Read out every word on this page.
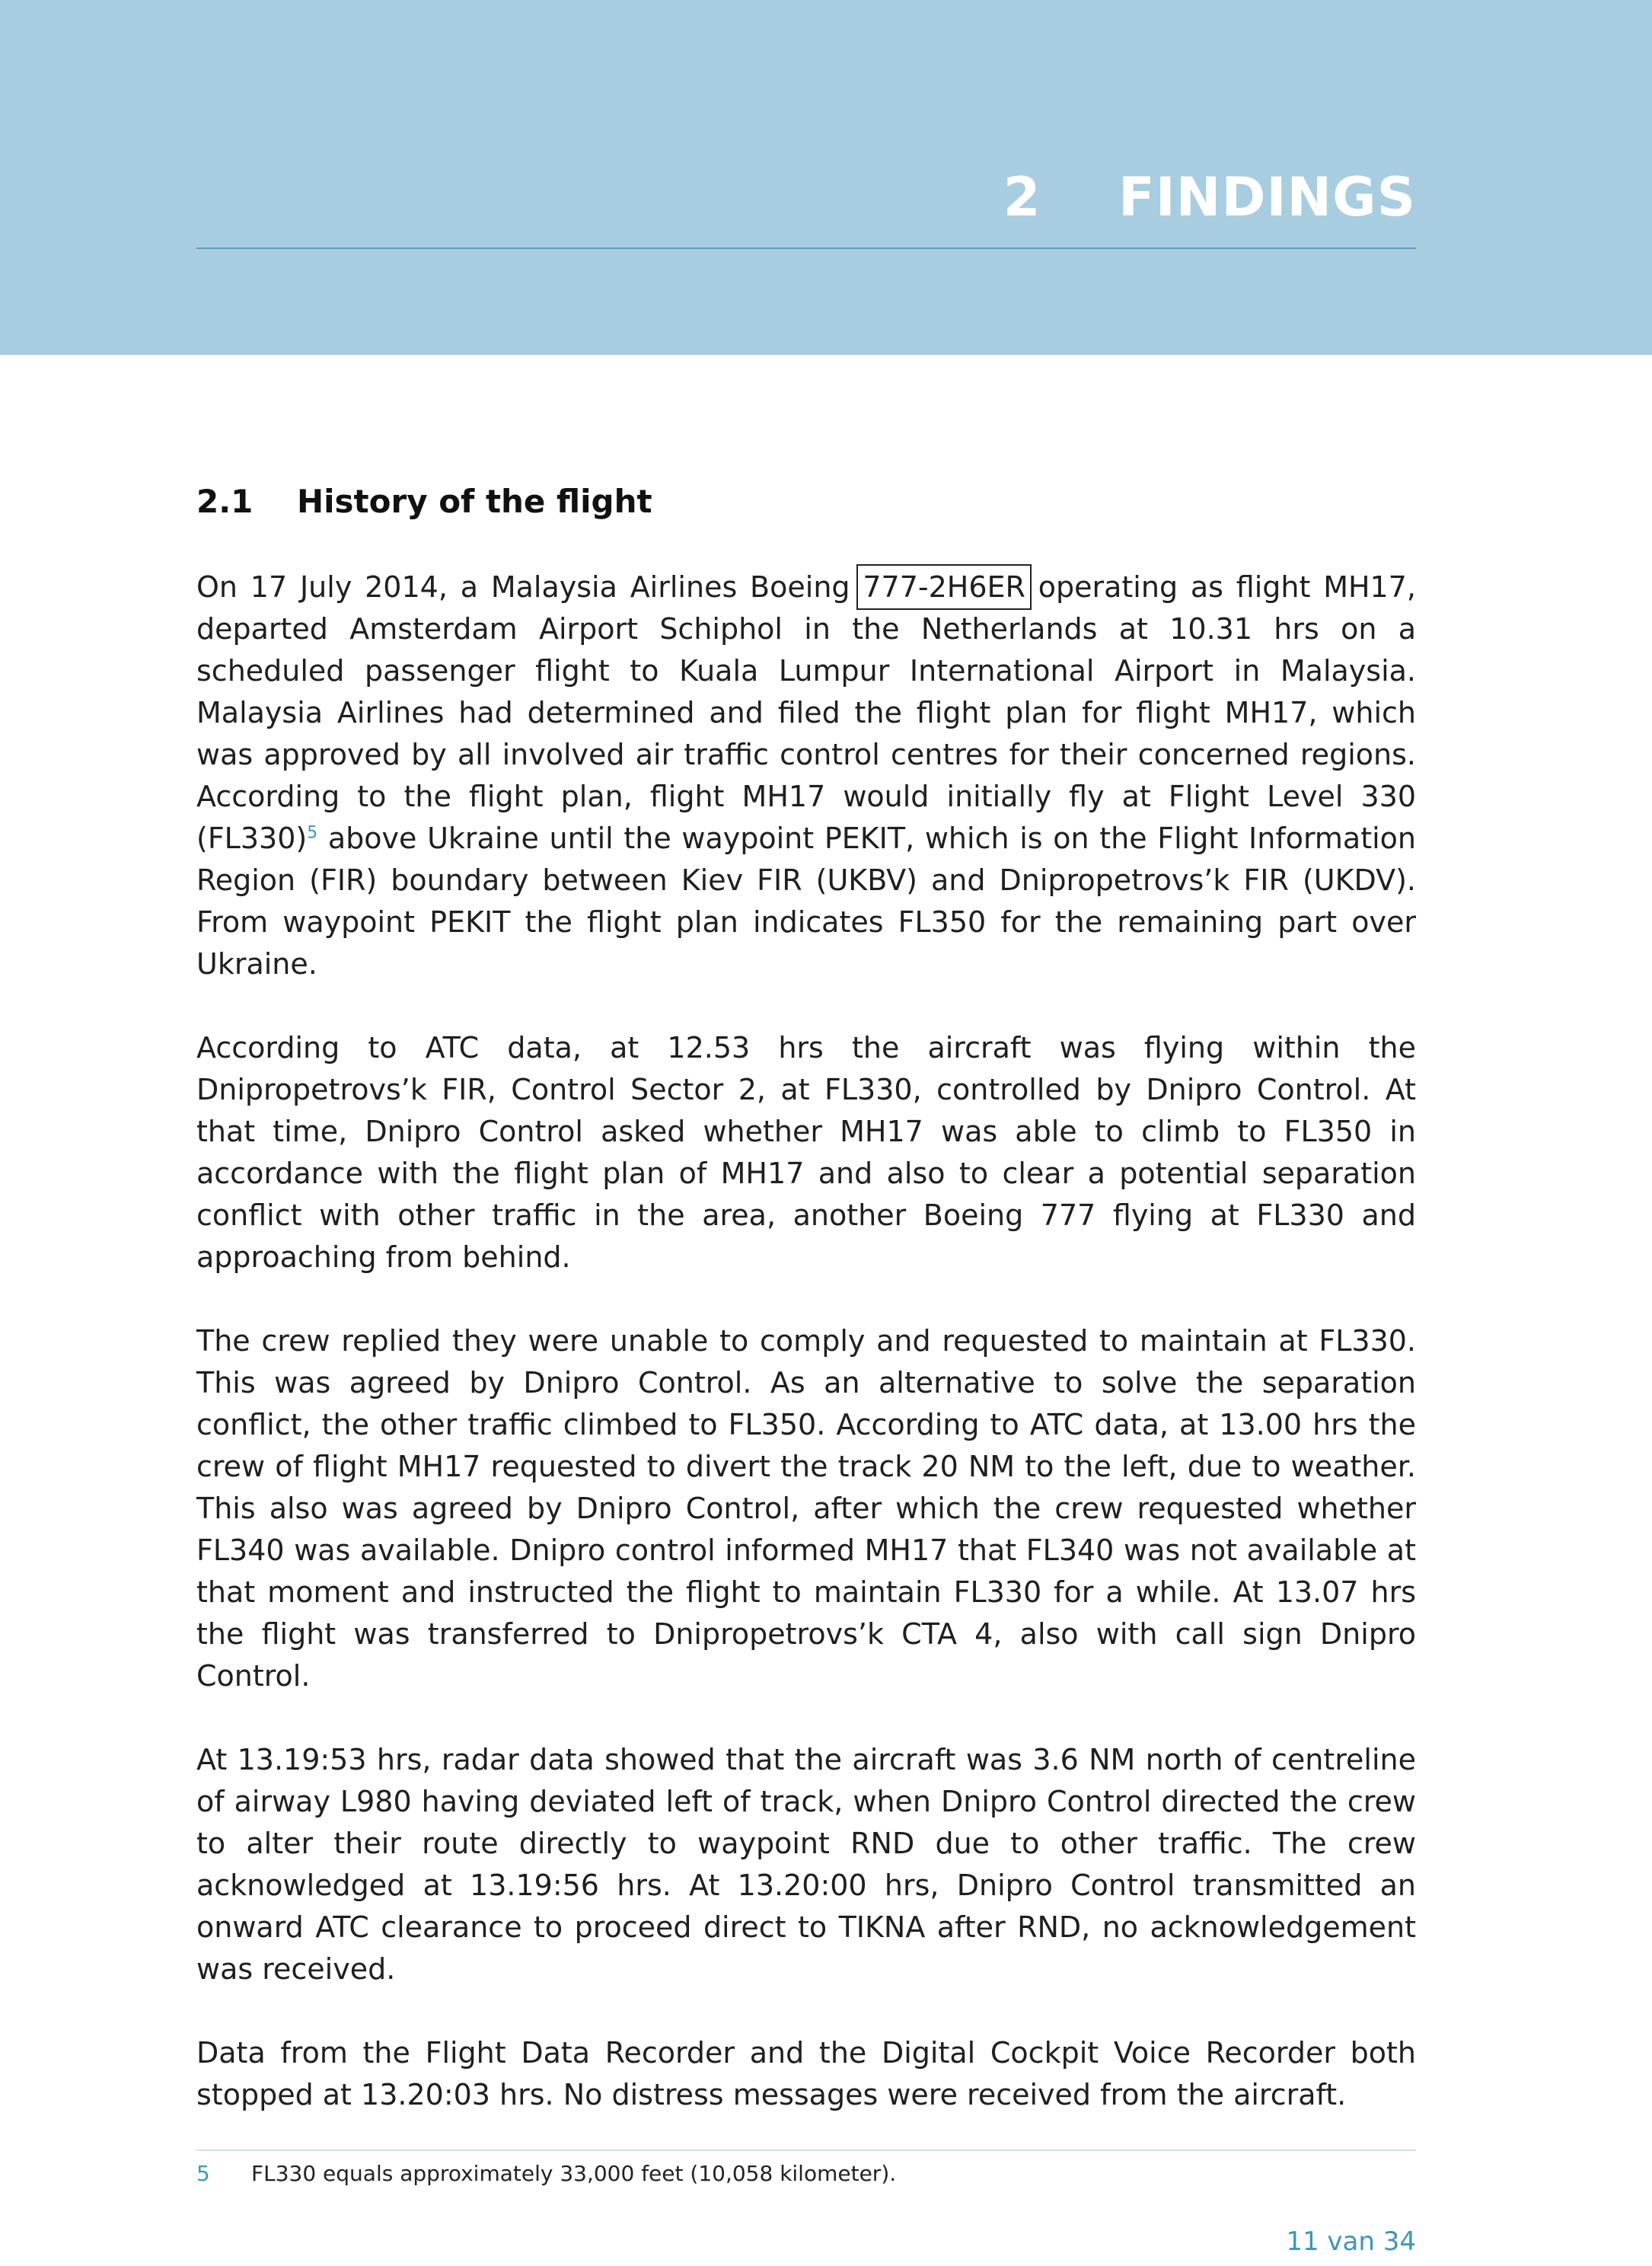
2 FINDINGS
2.1 History of the flight

On 17 July 2014, a Malaysia Airlines Boeing 777-2H6ER operating as flight MH17, departed Amsterdam Airport Schiphol in the Netherlands at 10.31 hrs on a scheduled passenger flight to Kuala Lumpur International Airport in Malaysia. Malaysia Airlines had determined and filed the flight plan for flight MH17, which was approved by all involved air traffic control centres for their concerned regions. According to the flight plan, flight MH17 would initially fly at Flight Level 330 (FL330)$^5$ above Ukraine until the waypoint PEKIT, which is on the Flight Information Region (FIR) boundary between Kiev FIR (UKBV) and Dnipropetrovs’k FIR (UKDV). From waypoint PEKIT the flight plan indicates FL350 for the remaining part over Ukraine.

According to ATC data, at 12.53 hrs the aircraft was flying within the Dnipropetrovs’k FIR, Control Sector 2, at FL330, controlled by Dnipro Control. At that time, Dnipro Control asked whether MH17 was able to climb to FL350 in accordance with the flight plan of MH17 and also to clear a potential separation conflict with other traffic in the area, another Boeing 777 flying at FL330 and approaching from behind.

The crew replied they were unable to comply and requested to maintain at FL330. This was agreed by Dnipro Control. As an alternative to solve the separation conflict, the other traffic climbed to FL350. According to ATC data, at 13.00 hrs the crew of flight MH17 requested to divert the track 20 NM to the left, due to weather. This also was agreed by Dnipro Control, after which the crew requested whether FL340 was available. Dnipro control informed MH17 that FL340 was not available at that moment and instructed the flight to maintain FL330 for a while. At 13.07 hrs the flight was transferred to Dnipropetrovs’k CTA 4, also with call sign Dnipro Control.

At 13.19:53 hrs, radar data showed that the aircraft was 3.6 NM north of centreline of airway L980 having deviated left of track, when Dnipro Control directed the crew to alter their route directly to waypoint RND due to other traffic. The crew acknowledged at 13.19:56 hrs. At 13.20:00 hrs, Dnipro Control transmitted an onward ATC clearance to proceed direct to TIKNA after RND, no acknowledgement was received.

Data from the Flight Data Recorder and the Digital Cockpit Voice Recorder both stopped at 13.20:03 hrs. No distress messages were received from the aircraft.

5 FL330 equals approximately 33,000 feet (10,058 kilometer).
11 van 34
